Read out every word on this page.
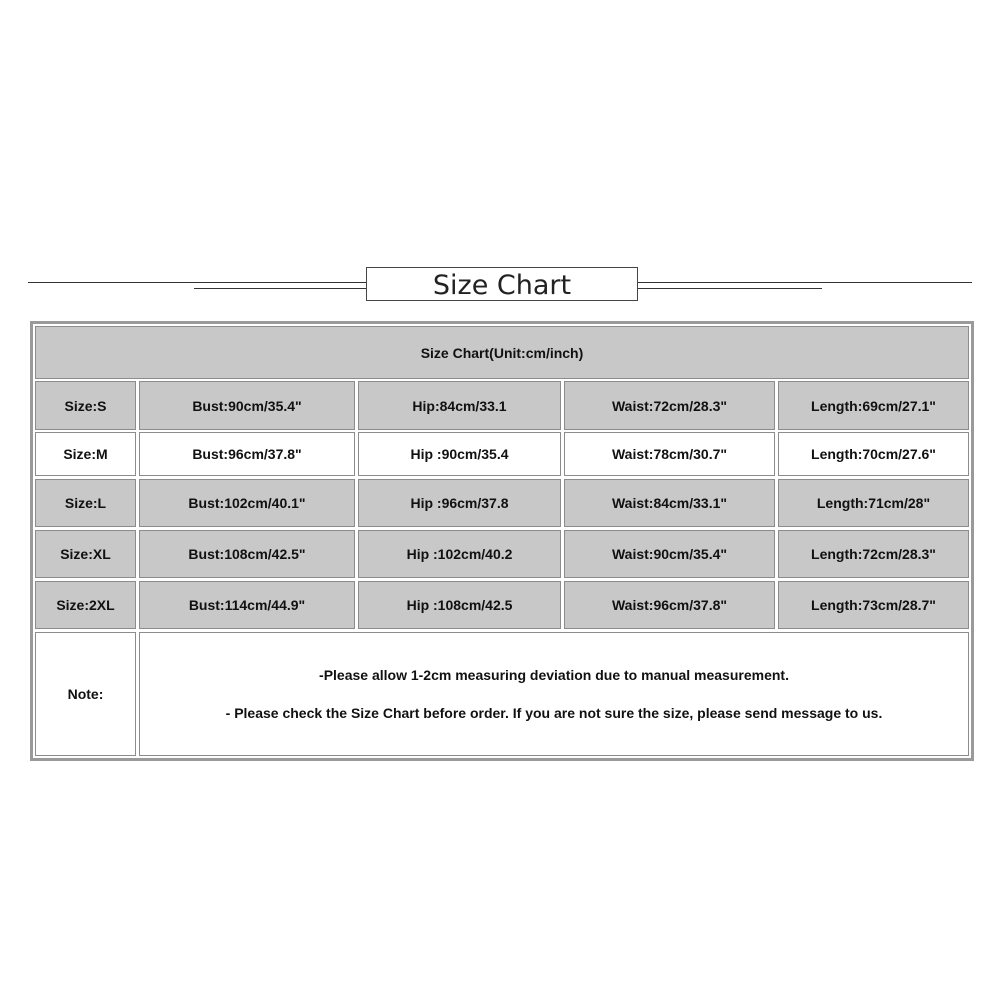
Size Chart
Size Chart(Unit:cm/inch)
Size:S	Bust:90cm/35.4"	Hip:84cm/33.1	Waist:72cm/28.3"	Length:69cm/27.1"
Size:M	Bust:96cm/37.8"	Hip :90cm/35.4	Waist:78cm/30.7"	Length:70cm/27.6"
Size:L	Bust:102cm/40.1"	Hip :96cm/37.8	Waist:84cm/33.1"	Length:71cm/28"
Size:XL	Bust:108cm/42.5"	Hip :102cm/40.2	Waist:90cm/35.4"	Length:72cm/28.3"
Size:2XL	Bust:114cm/44.9"	Hip :108cm/42.5	Waist:96cm/37.8"	Length:73cm/28.7"
Note:
-Please allow 1-2cm measuring deviation due to manual measurement.
- Please check the Size Chart before order. If you are not sure the size, please send message to us.
